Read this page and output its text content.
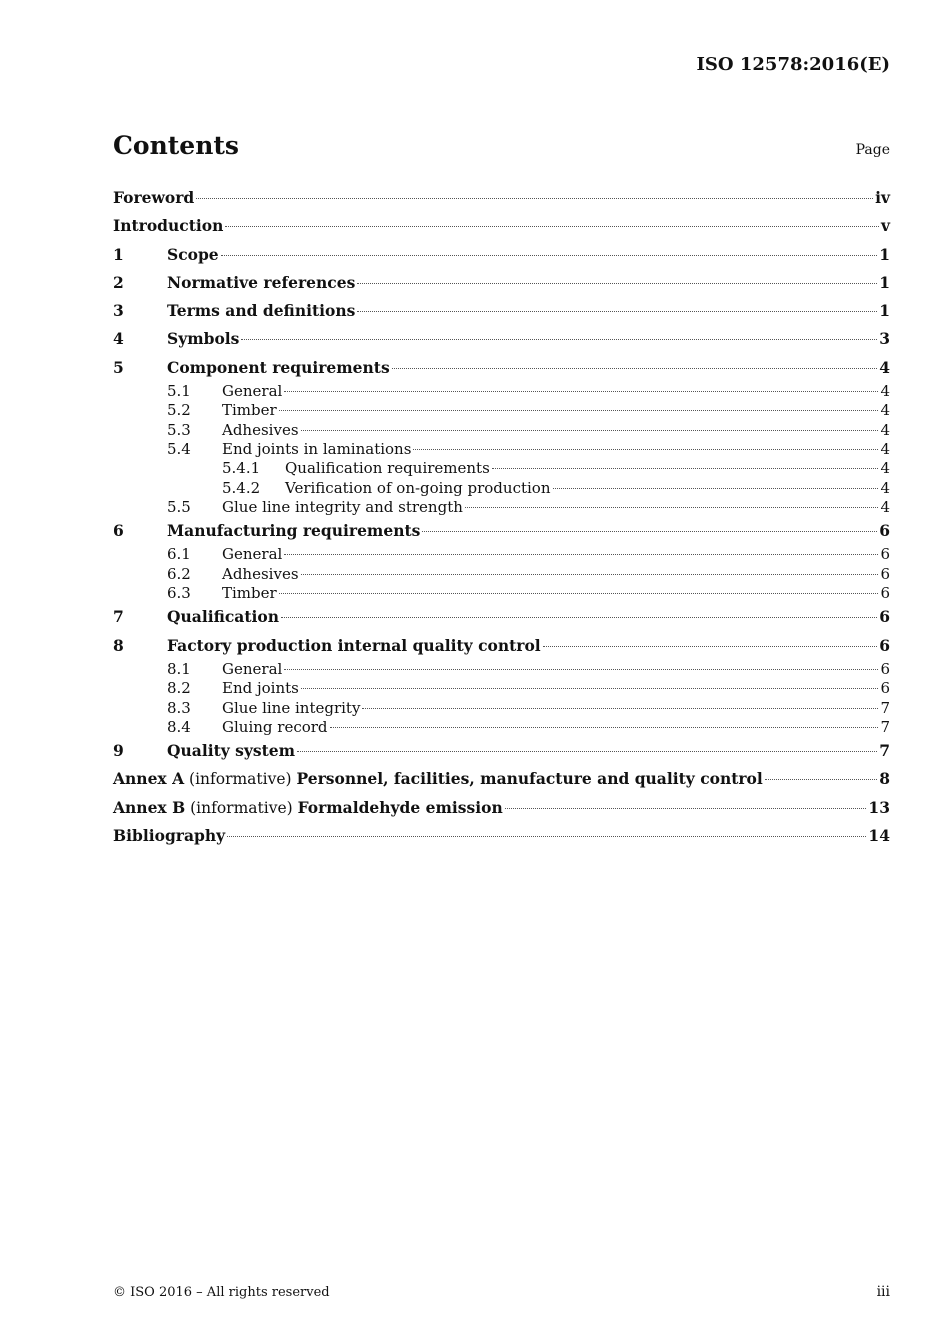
ISO 12578:2016(E)
Contents	Page
Foreword	iv
Introduction	v
1	Scope	1
2	Normative references	1
3	Terms and definitions	1
4	Symbols	3
5	Component requirements	4
5.1	General	4
5.2	Timber	4
5.3	Adhesives	4
5.4	End joints in laminations	4
5.4.1	Qualification requirements	4
5.4.2	Verification of on-going production	4
5.5	Glue line integrity and strength	4
6	Manufacturing requirements	6
6.1	General	6
6.2	Adhesives	6
6.3	Timber	6
7	Qualification	6
8	Factory production internal quality control	6
8.1	General	6
8.2	End joints	6
8.3	Glue line integrity	7
8.4	Gluing record	7
9	Quality system	7
Annex A (informative) Personnel, facilities, manufacture and quality control	8
Annex B (informative) Formaldehyde emission	13
Bibliography	14
© ISO 2016 – All rights reserved	iii
